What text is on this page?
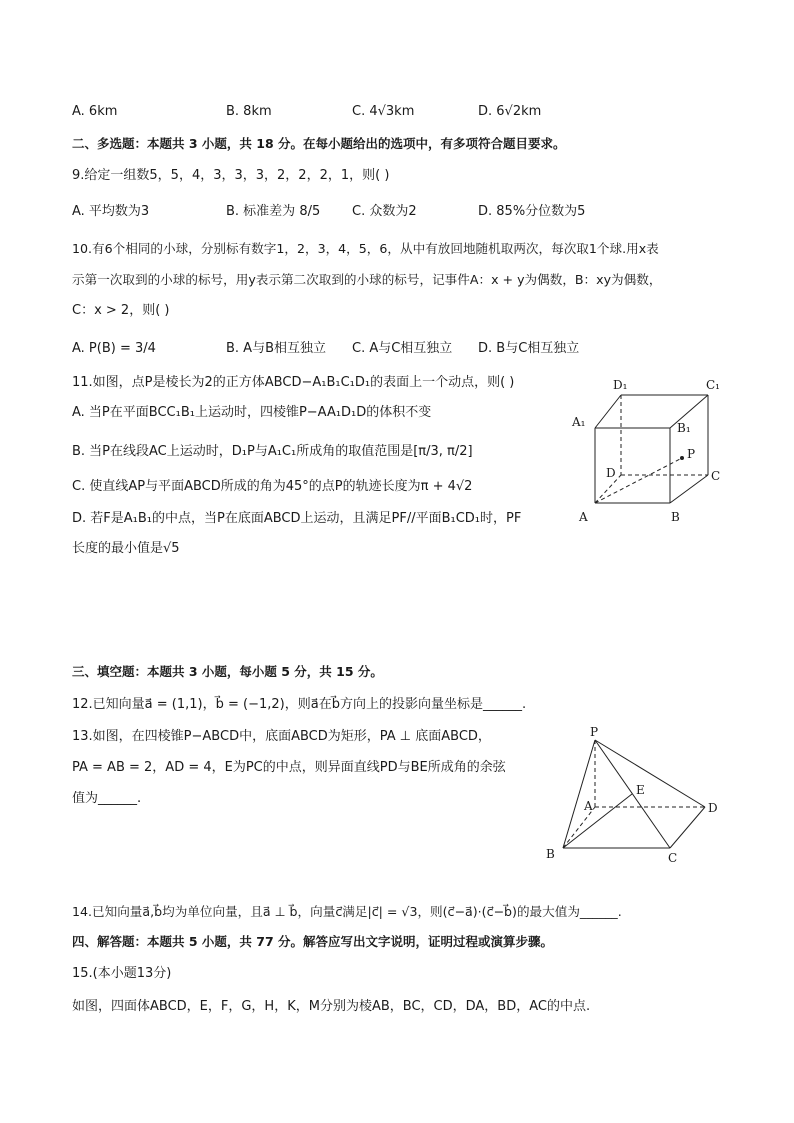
A. 6km	B. 8km	C. 4√3km	D. 6√2km
二、多选题：本题共 3 小题，共 18 分。在每小题给出的选项中，有多项符合题目要求。
9.给定一组数5，5，4，3，3，3，2，2，2，1，则( )
A. 平均数为3	B. 标准差为 8/5 C. 众数为2	D. 85%分位数为5
10.有6个相同的小球，分别标有数字1，2，3，4，5，6，从中有放回地随机取两次，每次取1个球.用x表
示第一次取到的小球的标号，用y表示第二次取到的小球的标号，记事件A：x + y为偶数，B：xy为偶数，
C：x > 2，则( )
A. P(B) = 3/4	B. A与B相互独立 C. A与C相互独立 D. B与C相互独立
11.如图，点P是棱长为2的正方体ABCD−A₁B₁C₁D₁的表面上一个动点，则( )
A. 当P在平面BCC₁B₁上运动时，四棱锥P−AA₁D₁D的体积不变
B. 当P在线段AC上运动时，D₁P与A₁C₁所成角的取值范围是[π/3, π/2]
C. 使直线AP与平面ABCD所成的角为45°的点P的轨迹长度为π + 4√2
D. 若F是A₁B₁的中点，当P在底面ABCD上运动，且满足PF//平面B₁CD₁时，PF
长度的最小值是√5
D₁	C₁
A₁	B₁
P
D	C
A	B
三、填空题：本题共 3 小题，每小题 5 分，共 15 分。
12.已知向量a⃗ = (1,1)，b⃗ = (−1,2)，则a⃗在b⃗方向上的投影向量坐标是______.
13.如图，在四棱锥P−ABCD中，底面ABCD为矩形，PA ⊥ 底面ABCD，
PA = AB = 2，AD = 4，E为PC的中点，则异面直线PD与BE所成角的余弦
值为______.
P
A
E
D
B	C
14.已知向量a⃗,b⃗均为单位向量，且a⃗ ⊥ b⃗，向量c⃗满足|c⃗| = √3，则(c⃗−a⃗)·(c⃗−b⃗)的最大值为______.
四、解答题：本题共 5 小题，共 77 分。解答应写出文字说明，证明过程或演算步骤。
15.(本小题13分)
如图，四面体ABCD，E，F，G，H，K，M分别为棱AB，BC，CD，DA，BD，AC的中点.
